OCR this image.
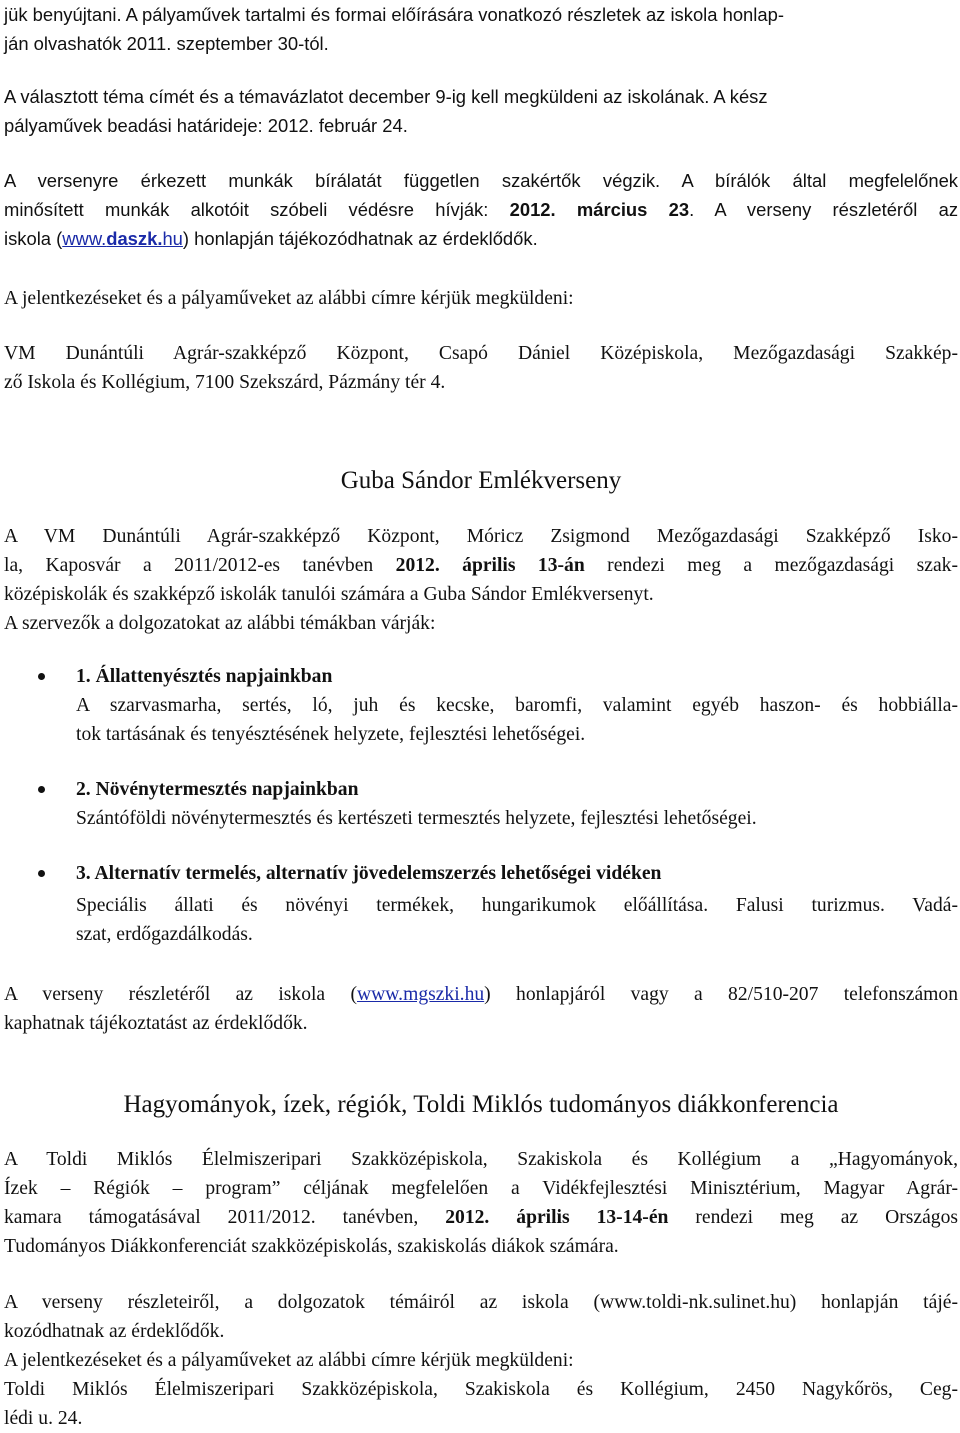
jük benyújtani. A pályaművek tartalmi és formai előírására vonatkozó részletek az iskola honlap-
ján olvashatók 2011. szeptember 30-tól.

A választott téma címét és a témavázlatot december 9-ig kell megküldeni az iskolának. A kész
pályaművek beadási határideje: 2012. február 24.

A versenyre érkezett munkák bírálatát független szakértők végzik. A bírálók által megfelelőnek
minősített munkák alkotóit szóbeli védésre hívják: 2012. március 23. A verseny részletéről az
iskola (www.daszk.hu) honlapján tájékozódhatnak az érdeklődők.

A jelentkezéseket és a pályaműveket az alábbi címre kérjük megküldeni:

VM Dunántúli Agrár-szakképző Központ, Csapó Dániel Középiskola, Mezőgazdasági Szakkép-
ző Iskola és Kollégium, 7100 Szekszárd, Pázmány tér 4.

Guba Sándor Emlékverseny

A VM Dunántúli Agrár-szakképző Központ, Móricz Zsigmond Mezőgazdasági Szakképző Isko-
la, Kaposvár a 2011/2012-es tanévben 2012. április 13-án rendezi meg a mezőgazdasági szak-
középiskolák és szakképző iskolák tanulói számára a Guba Sándor Emlékversenyt.
A szervezők a dolgozatokat az alábbi témákban várják:

1. Állattenyésztés napjainkban
A szarvasmarha, sertés, ló, juh és kecske, baromfi, valamint egyéb haszon- és hobbiálla-
tok tartásának és tenyésztésének helyzete, fejlesztési lehetőségei.
2. Növénytermesztés napjainkban
Szántóföldi növénytermesztés és kertészeti termesztés helyzete, fejlesztési lehetőségei.
3. Alternatív termelés, alternatív jövedelemszerzés lehetőségei vidéken
Speciális állati és növényi termékek, hungarikumok előállítása. Falusi turizmus. Vadá-
szat, erdőgazdálkodás.

A verseny részletéről az iskola (www.mgszki.hu) honlapjáról vagy a 82/510-207 telefonszámon
kaphatnak tájékoztatást az érdeklődők.

Hagyományok, ízek, régiók, Toldi Miklós tudományos diákkonferencia

A Toldi Miklós Élelmiszeripari Szakközépiskola, Szakiskola és Kollégium a „Hagyományok,
Ízek – Régiók – program” céljának megfelelően a Vidékfejlesztési Minisztérium, Magyar Agrár-
kamara támogatásával 2011/2012. tanévben, 2012. április 13-14-én rendezi meg az Országos
Tudományos Diákkonferenciát szakközépiskolás, szakiskolás diákok számára.

A verseny részleteiről, a dolgozatok témáiról az iskola (www.toldi-nk.sulinet.hu) honlapján tájé-
kozódhatnak az érdeklődők.
A jelentkezéseket és a pályaműveket az alábbi címre kérjük megküldeni:
Toldi Miklós Élelmiszeripari Szakközépiskola, Szakiskola és Kollégium, 2450 Nagykőrös, Ceg-
lédi u. 24.
